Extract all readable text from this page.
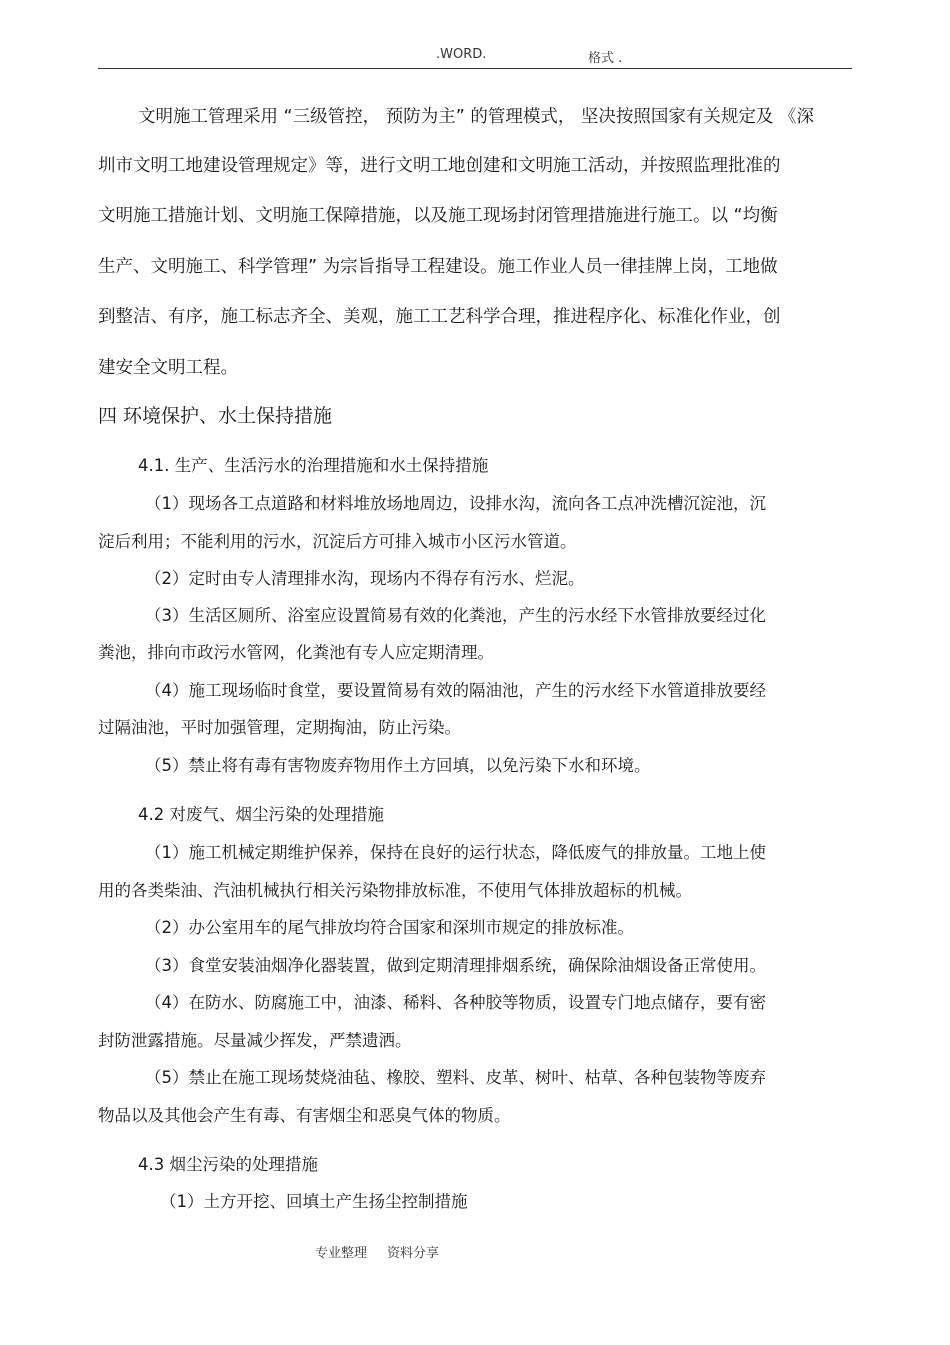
.WORD.	格式 .
文明施工管理采用 “三级管控， 预防为主” 的管理模式， 坚决按照国家有关规定及 《深
圳市文明工地建设管理规定》等，进行文明工地创建和文明施工活动，并按照监理批准的
文明施工措施计划、文明施工保障措施，以及施工现场封闭管理措施进行施工。以 “均衡
生产、文明施工、科学管理” 为宗旨指导工程建设。施工作业人员一律挂牌上岗，工地做
到整洁、有序，施工标志齐全、美观，施工工艺科学合理，推进程序化、标准化作业，创
建安全文明工程。
四 环境保护、水土保持措施
4.1. 生产、生活污水的治理措施和水土保持措施
（1）现场各工点道路和材料堆放场地周边，设排水沟，流向各工点冲洗槽沉淀池，沉
淀后利用；不能利用的污水，沉淀后方可排入城市小区污水管道。
（2）定时由专人清理排水沟，现场内不得存有污水、烂泥。
（3）生活区厕所、浴室应设置简易有效的化粪池，产生的污水经下水管排放要经过化
粪池，排向市政污水管网，化粪池有专人应定期清理。
（4）施工现场临时食堂，要设置简易有效的隔油池，产生的污水经下水管道排放要经
过隔油池，平时加强管理，定期掏油，防止污染。
（5）禁止将有毒有害物废弃物用作土方回填，以免污染下水和环境。
4.2 对废气、烟尘污染的处理措施
（1）施工机械定期维护保养，保持在良好的运行状态，降低废气的排放量。工地上使
用的各类柴油、汽油机械执行相关污染物排放标准，不使用气体排放超标的机械。
（2）办公室用车的尾气排放均符合国家和深圳市规定的排放标准。
（3）食堂安装油烟净化器装置，做到定期清理排烟系统，确保除油烟设备正常使用。
（4）在防水、防腐施工中，油漆、稀料、各种胶等物质，设置专门地点储存，要有密
封防泄露措施。尽量减少挥发，严禁遗洒。
（5）禁止在施工现场焚烧油毡、橡胶、塑料、皮革、树叶、枯草、各种包装物等废弃
物品以及其他会产生有毒、有害烟尘和恶臭气体的物质。
4.3 烟尘污染的处理措施
（1）土方开挖、回填土产生扬尘控制措施
专业整理 资料分享
